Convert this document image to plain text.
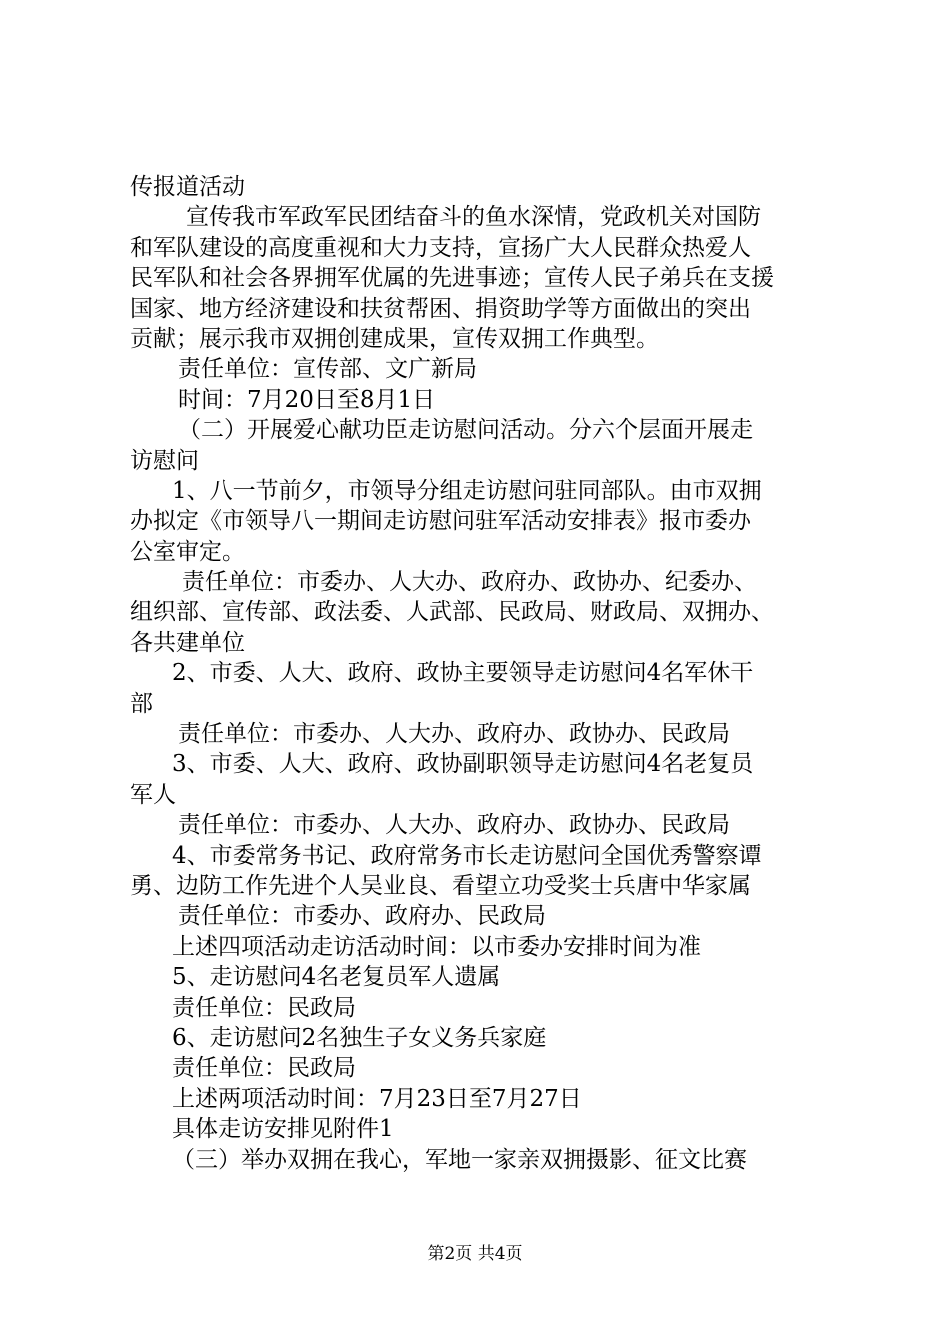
传报道活动
宣传我市军政军民团结奋斗的鱼水深情，党政机关对国防
和军队建设的高度重视和大力支持，宣扬广大人民群众热爱人
民军队和社会各界拥军优属的先进事迹；宣传人民子弟兵在支援
国家、地方经济建设和扶贫帮困、捐资助学等方面做出的突出
贡献；展示我市双拥创建成果，宣传双拥工作典型。
责任单位：宣传部、文广新局
时间：7月20日至8月1日
（二）开展爱心献功臣走访慰问活动。分六个层面开展走
访慰问
1、八一节前夕，市领导分组走访慰问驻同部队。由市双拥
办拟定《市领导八一期间走访慰问驻军活动安排表》报市委办
公室审定。
责任单位：市委办、人大办、政府办、政协办、纪委办、
组织部、宣传部、政法委、人武部、民政局、财政局、双拥办、
各共建单位
2、市委、人大、政府、政协主要领导走访慰问4名军休干
部
责任单位：市委办、人大办、政府办、政协办、民政局
3、市委、人大、政府、政协副职领导走访慰问4名老复员
军人
责任单位：市委办、人大办、政府办、政协办、民政局
4、市委常务书记、政府常务市长走访慰问全国优秀警察谭
勇、边防工作先进个人吴业良、看望立功受奖士兵唐中华家属
责任单位：市委办、政府办、民政局
上述四项活动走访活动时间：以市委办安排时间为准
5、走访慰问4名老复员军人遗属
责任单位：民政局
6、走访慰问2名独生子女义务兵家庭
责任单位：民政局
上述两项活动时间：7月23日至7月27日
具体走访安排见附件1
（三）举办双拥在我心，军地一家亲双拥摄影、征文比赛
第2页 共4页
